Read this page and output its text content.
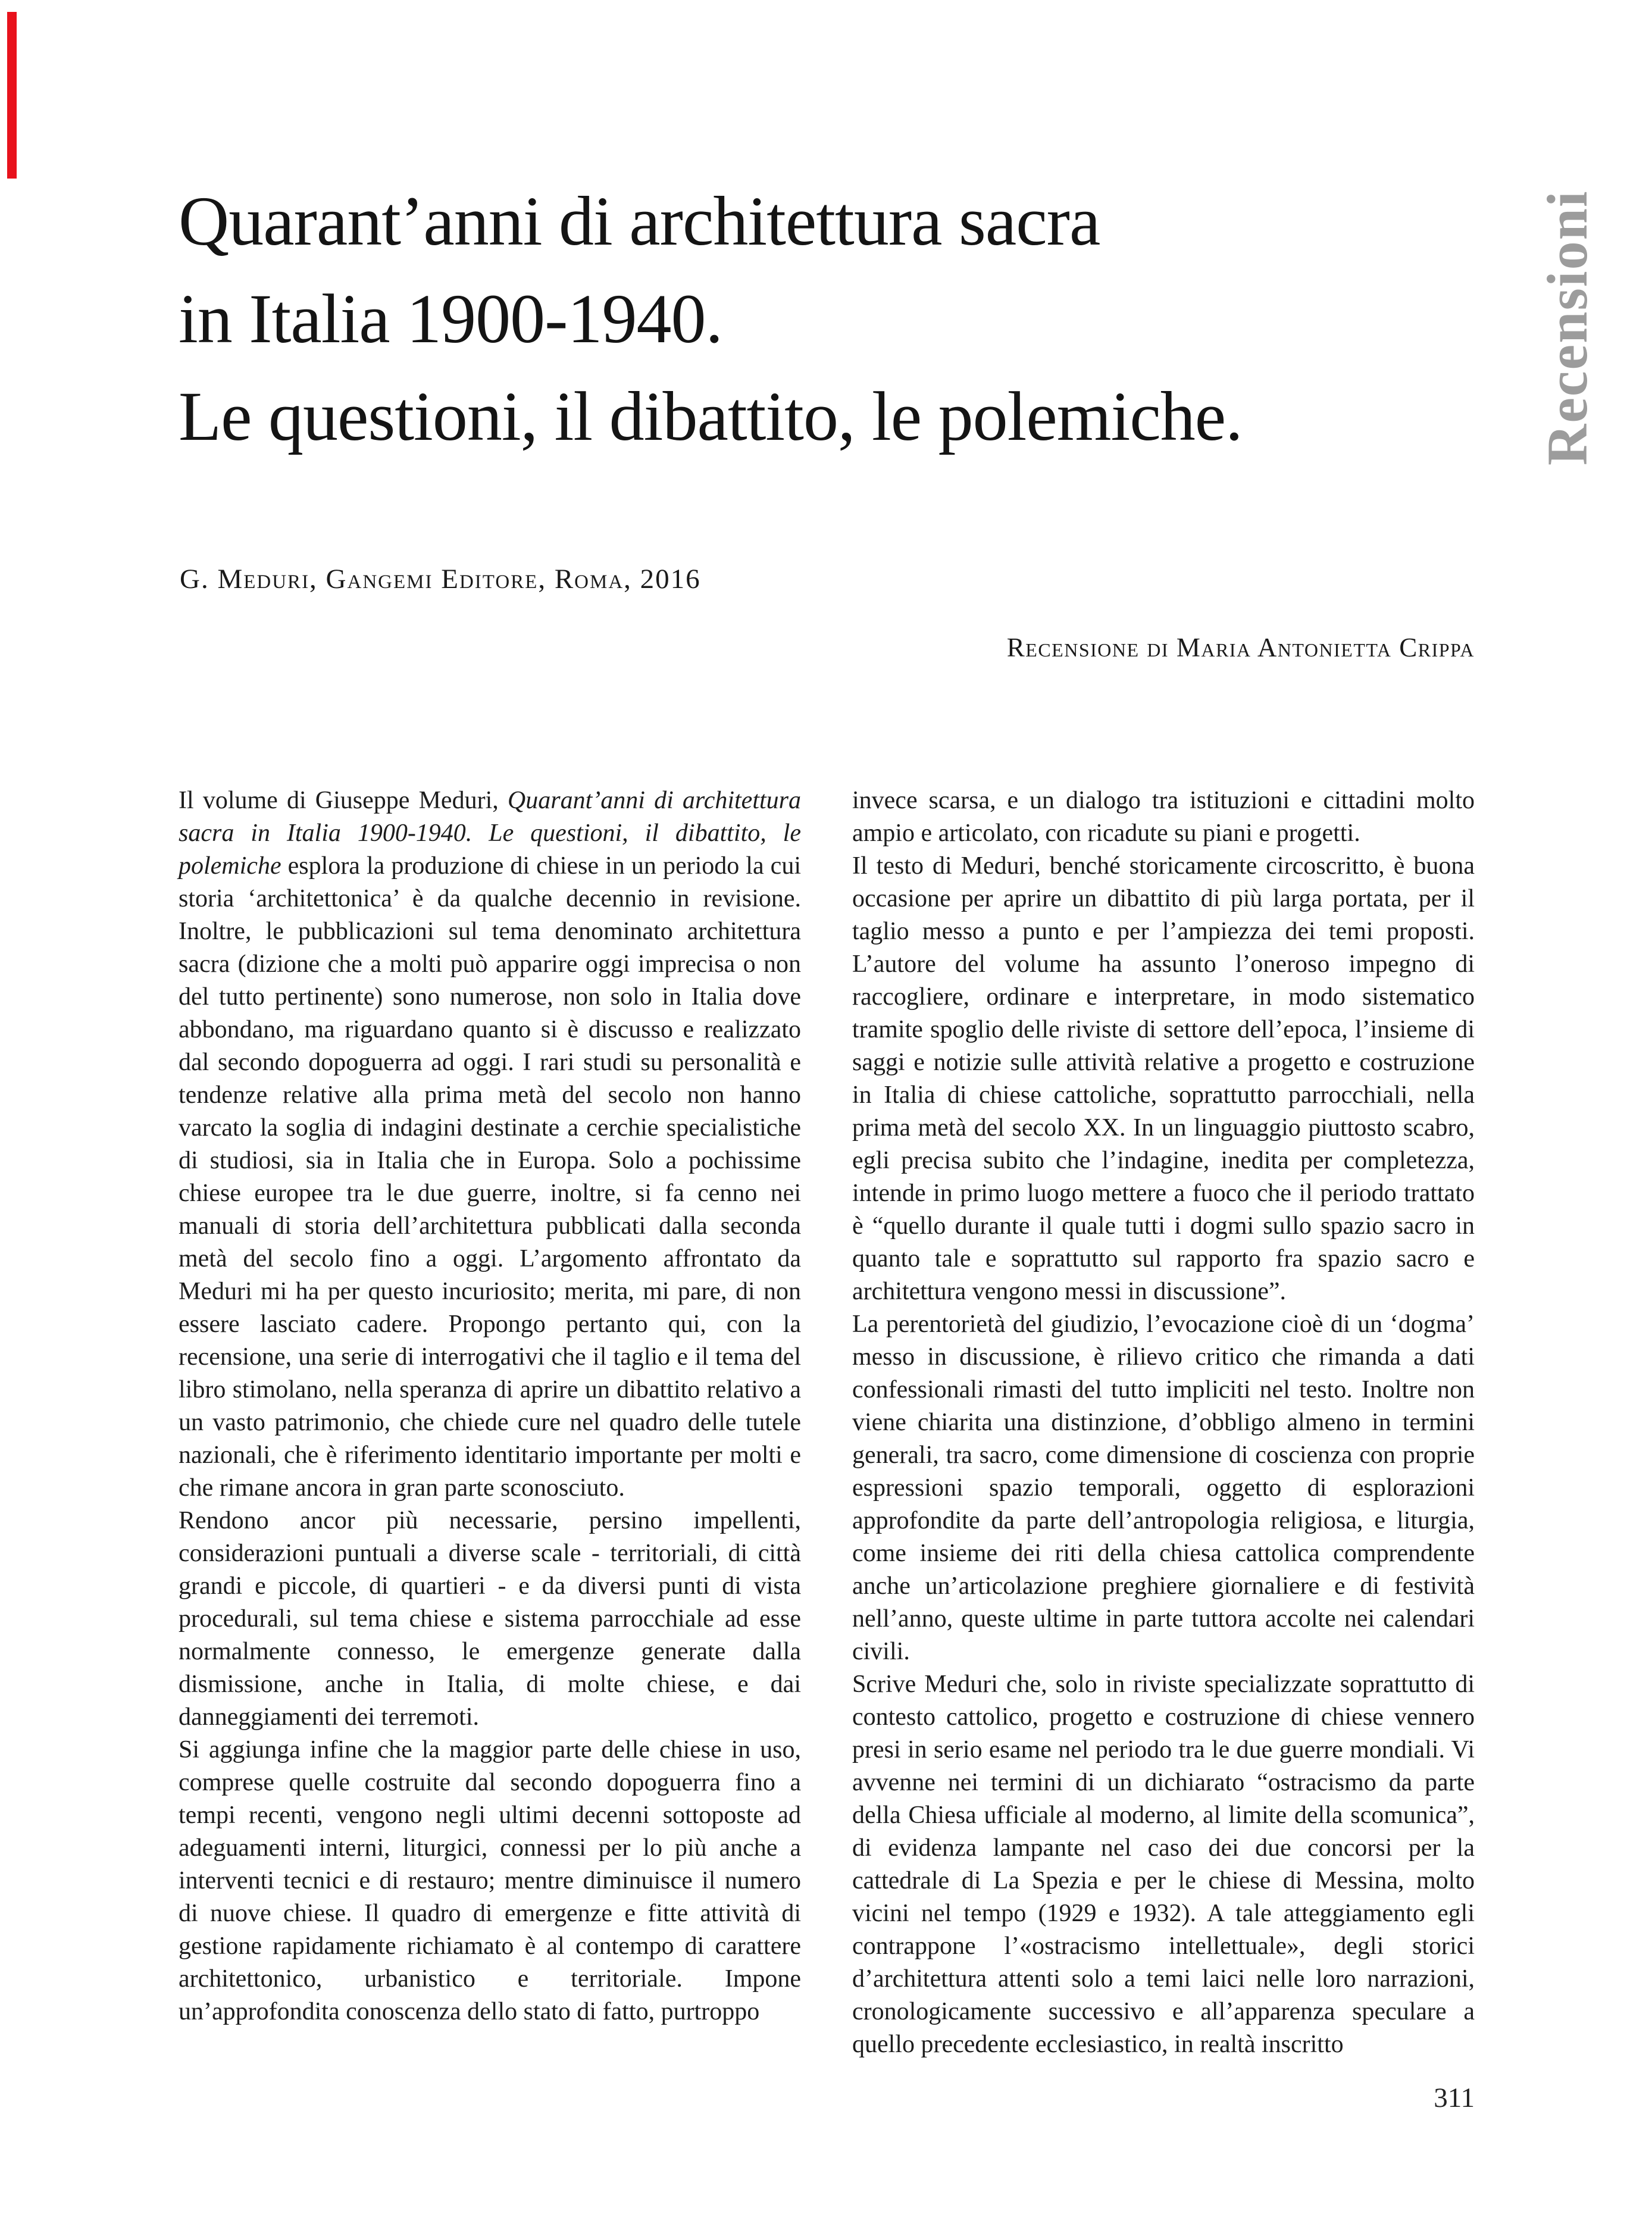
Recensioni
Quarant’anni di architettura sacra
in Italia 1900-1940.
Le questioni, il dibattito, le polemiche.
G. Meduri, Gangemi Editore, Roma, 2016
Recensione di Maria Antonietta Crippa

Il volume di Giuseppe Meduri, Quarant’anni di architettura sacra in Italia 1900-1940. Le questioni, il dibattito, le polemiche esplora la produzione di chiese in un periodo la cui storia ‘architettonica’ è da qualche decennio in revisione. Inoltre, le pubblicazioni sul tema denominato architettura sacra (dizione che a molti può apparire oggi imprecisa o non del tutto pertinente) sono numerose, non solo in Italia dove abbondano, ma riguardano quanto si è discusso e realizzato dal secondo dopoguerra ad oggi. I rari studi su personalità e tendenze relative alla prima metà del secolo non hanno varcato la soglia di indagini destinate a cerchie specialistiche di studiosi, sia in Italia che in Europa. Solo a pochissime chiese europee tra le due guerre, inoltre, si fa cenno nei manuali di storia dell’architettura pubblicati dalla seconda metà del secolo fino a oggi. L’argomento affrontato da Meduri mi ha per questo incuriosito; merita, mi pare, di non essere lasciato cadere. Propongo pertanto qui, con la recensione, una serie di interrogativi che il taglio e il tema del libro stimolano, nella speranza di aprire un dibattito relativo a un vasto patrimonio, che chiede cure nel quadro delle tutele nazionali, che è riferimento identitario importante per molti e che rimane ancora in gran parte sconosciuto.

Rendono ancor più necessarie, persino impellenti, considerazioni puntuali a diverse scale - territoriali, di città grandi e piccole, di quartieri - e da diversi punti di vista procedurali, sul tema chiese e sistema parrocchiale ad esse normalmente connesso, le emergenze generate dalla dismissione, anche in Italia, di molte chiese, e dai danneggiamenti dei terremoti.

Si aggiunga infine che la maggior parte delle chiese in uso, comprese quelle costruite dal secondo dopoguerra fino a tempi recenti, vengono negli ultimi decenni sottoposte ad adeguamenti interni, liturgici, connessi per lo più anche a interventi tecnici e di restauro; mentre diminuisce il numero di nuove chiese. Il quadro di emergenze e fitte attività di gestione rapidamente richiamato è al contempo di carattere architettonico, urbanistico e territoriale. Impone un’approfondita conoscenza dello stato di fatto, purtroppo

invece scarsa, e un dialogo tra istituzioni e cittadini molto ampio e articolato, con ricadute su piani e progetti.

Il testo di Meduri, benché storicamente circoscritto, è buona occasione per aprire un dibattito di più larga portata, per il taglio messo a punto e per l’ampiezza dei temi proposti. L’autore del volume ha assunto l’oneroso impegno di raccogliere, ordinare e interpretare, in modo sistematico tramite spoglio delle riviste di settore dell’epoca, l’insieme di saggi e notizie sulle attività relative a progetto e costruzione in Italia di chiese cattoliche, soprattutto parrocchiali, nella prima metà del secolo XX. In un linguaggio piuttosto scabro, egli precisa subito che l’indagine, inedita per completezza, intende in primo luogo mettere a fuoco che il periodo trattato è “quello durante il quale tutti i dogmi sullo spazio sacro in quanto tale e soprattutto sul rapporto fra spazio sacro e architettura vengono messi in discussione”.

La perentorietà del giudizio, l’evocazione cioè di un ‘dogma’ messo in discussione, è rilievo critico che rimanda a dati confessionali rimasti del tutto impliciti nel testo. Inoltre non viene chiarita una distinzione, d’obbligo almeno in termini generali, tra sacro, come dimensione di coscienza con proprie espressioni spazio temporali, oggetto di esplorazioni approfondite da parte dell’antropologia religiosa, e liturgia, come insieme dei riti della chiesa cattolica comprendente anche un’articolazione preghiere giornaliere e di festività nell’anno, queste ultime in parte tuttora accolte nei calendari civili.

Scrive Meduri che, solo in riviste specializzate soprattutto di contesto cattolico, progetto e costruzione di chiese vennero presi in serio esame nel periodo tra le due guerre mondiali. Vi avvenne nei termini di un dichiarato “ostracismo da parte della Chiesa ufficiale al moderno, al limite della scomunica”, di evidenza lampante nel caso dei due concorsi per la cattedrale di La Spezia e per le chiese di Messina, molto vicini nel tempo (1929 e 1932). A tale atteggiamento egli contrappone l’«ostracismo intellettuale», degli storici d’architettura attenti solo a temi laici nelle loro narrazioni, cronologicamente successivo e all’apparenza speculare a quello precedente ecclesiastico, in realtà inscritto

311
